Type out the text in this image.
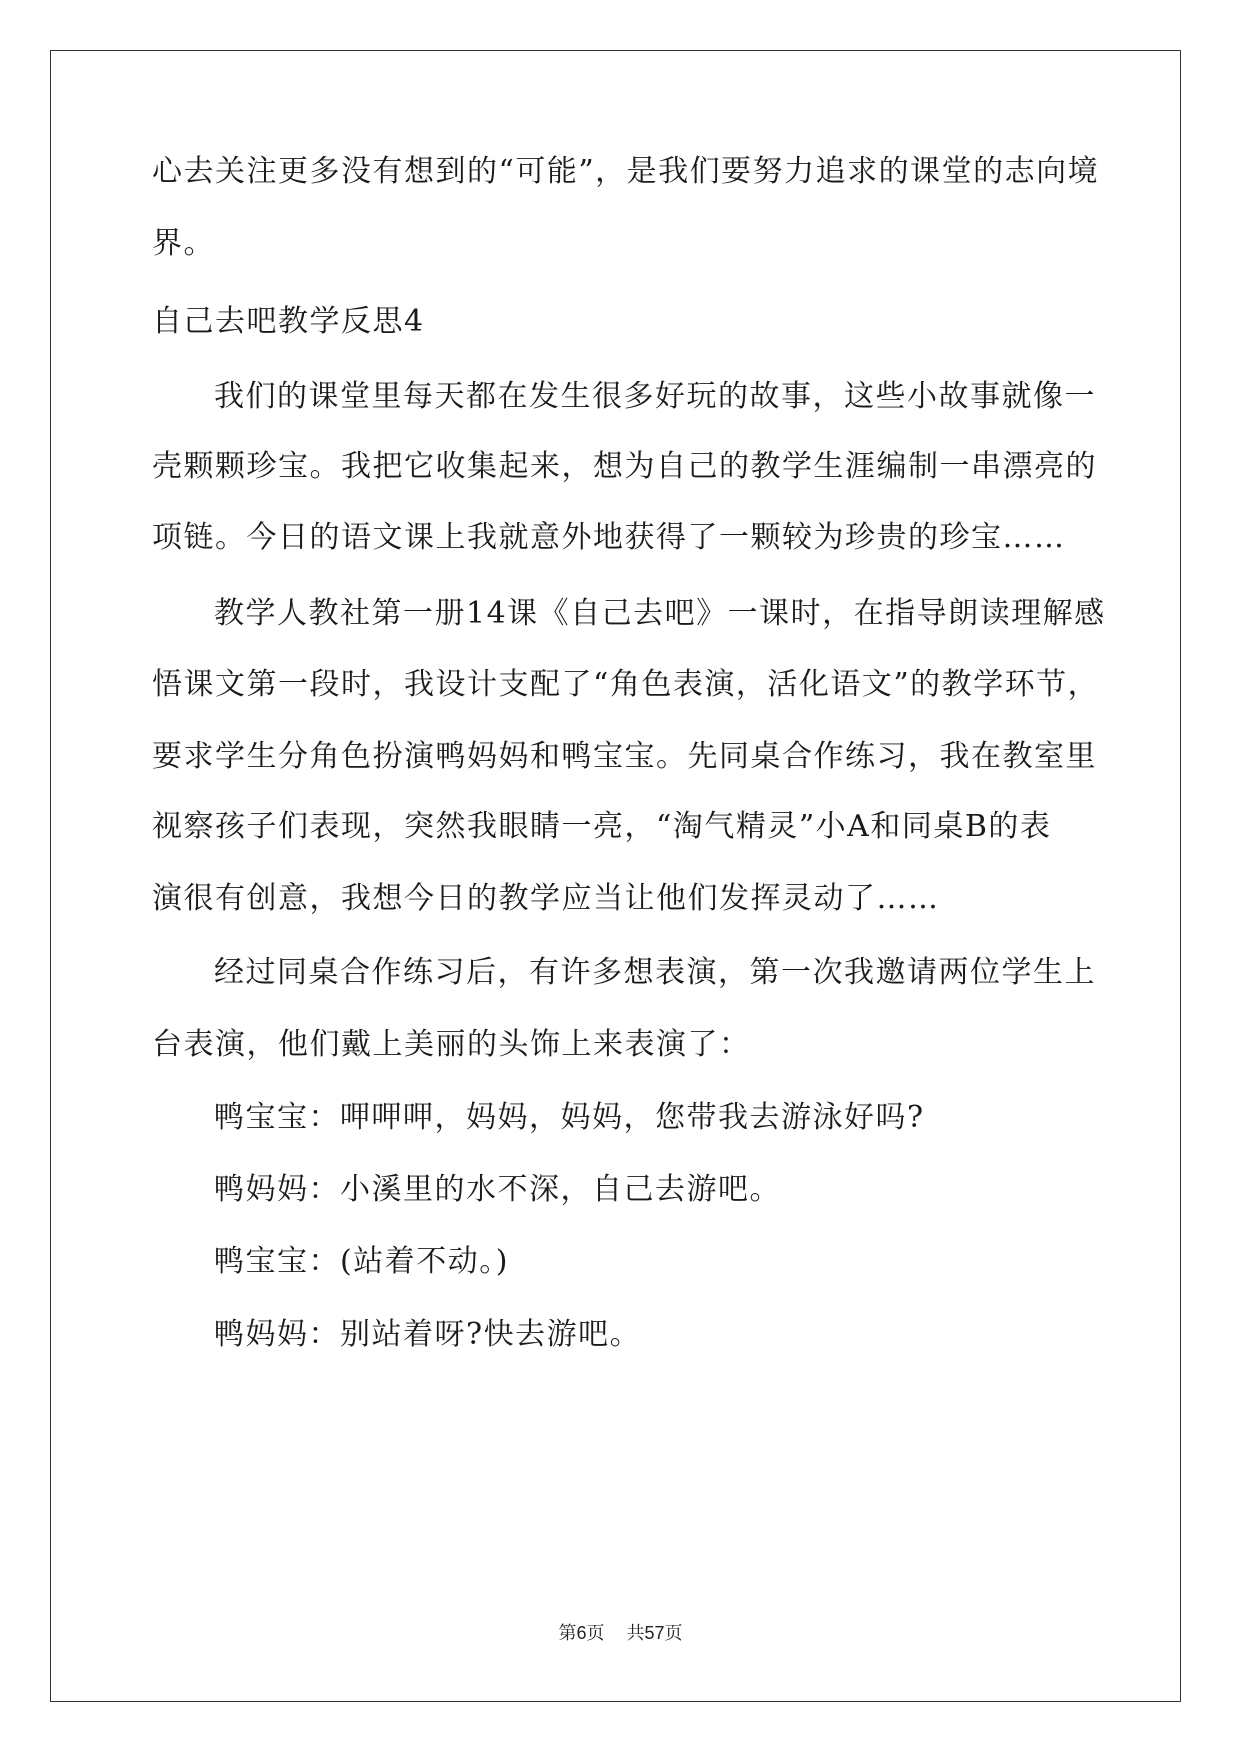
心去关注更多没有想到的“可能”，是我们要努力追求的课堂的志向境
界。
自己去吧教学反思4
我们的课堂里每天都在发生很多好玩的故事，这些小故事就像一
壳颗颗珍宝。我把它收集起来，想为自己的教学生涯编制一串漂亮的
项链。今日的语文课上我就意外地获得了一颗较为珍贵的珍宝……
教学人教社第一册14课《自己去吧》一课时，在指导朗读理解感
悟课文第一段时，我设计支配了“角色表演，活化语文”的教学环节，
要求学生分角色扮演鸭妈妈和鸭宝宝。先同桌合作练习，我在教室里
视察孩子们表现，突然我眼睛一亮，“淘气精灵”小A和同桌B的表
演很有创意，我想今日的教学应当让他们发挥灵动了……
经过同桌合作练习后，有许多想表演，第一次我邀请两位学生上
台表演，他们戴上美丽的头饰上来表演了：
鸭宝宝：呷呷呷，妈妈，妈妈，您带我去游泳好吗?
鸭妈妈：小溪里的水不深，自己去游吧。
鸭宝宝：(站着不动。)
鸭妈妈：别站着呀?快去游吧。
第6页 共57页
